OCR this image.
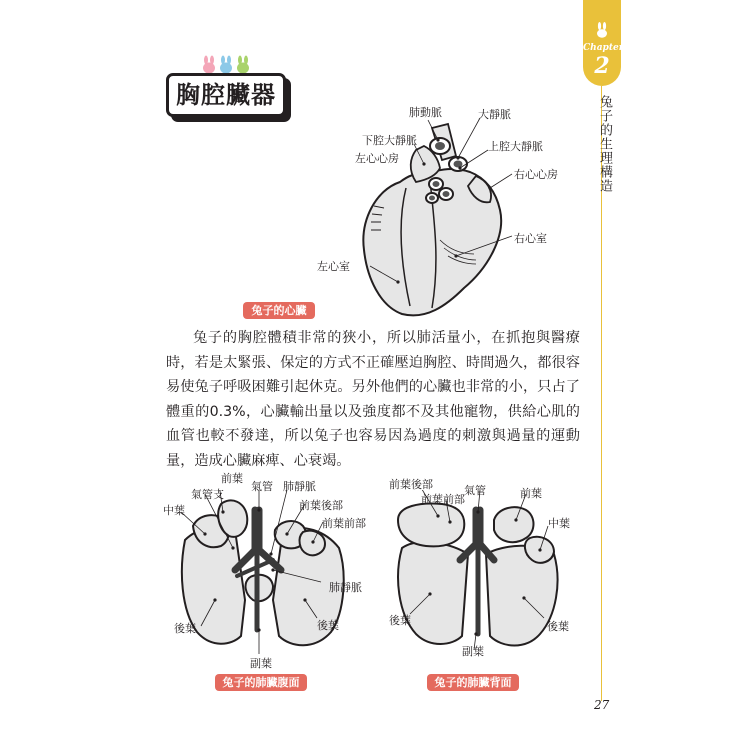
Chapter
2
兔子的生理構造
胸腔臟器
肺動脈	大靜脈
下腔大靜脈
左心心房
上腔大靜脈
右心心房
右心室
左心室
兔子的心臟
兔子的胸腔體積非常的狹小，所以肺活量小，在抓抱與醫療時，若是太緊張、保定的方式不正確壓迫胸腔、時間過久，都很容易使兔子呼吸困難引起休克。另外他們的心臟也非常的小，只占了體重的0.3%，心臟輸出量以及強度都不及其他寵物，供給心肌的血管也較不發達，所以兔子也容易因為過度的刺激與過量的運動量，造成心臟麻痺、心衰竭。
前葉
氣管支
氣管 肺靜脈
中葉	前葉後部
前葉前部
肺靜脈
後葉	後葉
副葉
兔子的肺臟腹面
前葉後部	氣管
前葉前部	前葉
中葉
後葉	後葉
副葉
兔子的肺臟背面
27
